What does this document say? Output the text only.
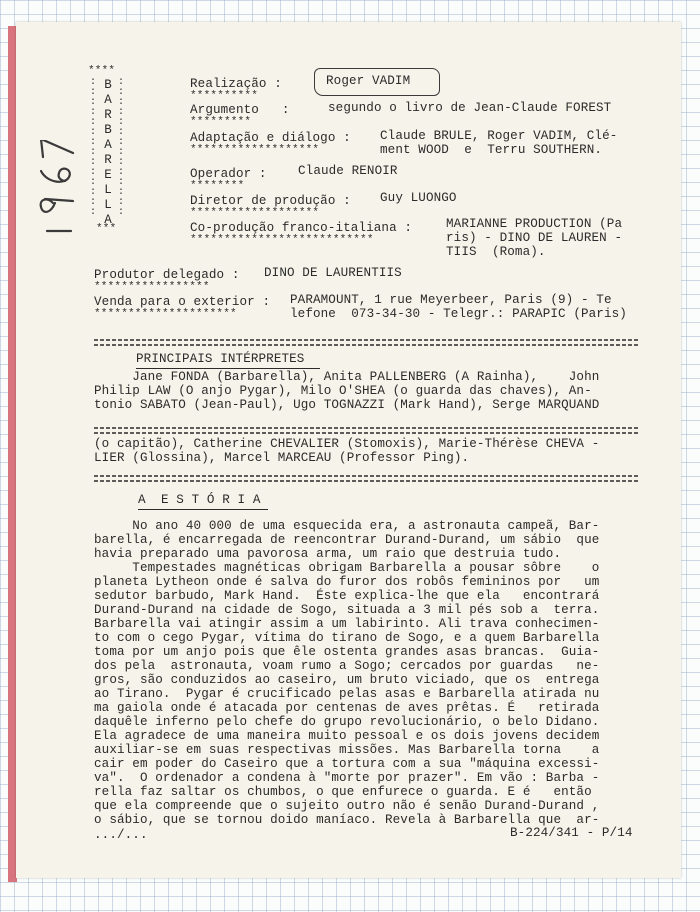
****
:
:
:
:
:
:
:
:
:
:
:
:
:
:

:
:
:
:
:
:
:
:
:
:
:
:
:
:

***
B
A
R
B
A
R
E
L
L
A
Realização :
**********
Roger VADIM
Argumento   :
*********
segundo o livro de Jean-Claude FOREST
Adaptação e diálogo :
*******************
Claude BRULE, Roger VADIM, Clé-
ment WOOD  e  Terru SOUTHERN.
Operador :
********
Claude RENOIR
Diretor de produção :
*******************
Guy LUONGO
Co-produção franco-italiana :
***************************
MARIANNE PRODUCTION (Pa
ris) - DINO DE LAUREN -
TIIS  (Roma).
Produtor delegado :
*****************
DINO DE LAURENTIIS
Venda para o exterior :
*********************
PARAMOUNT, 1 rue Meyerbeer, Paris (9) - Te
lefone  073-34-30 - Telegr.: PARAPIC (Paris)
PRINCIPAIS INTÉRPRETES
Jane FONDA (Barbarella), Anita PALLENBERG (A Rainha),    John
Philip LAW (O anjo Pygar), Milo O'SHEA (o guarda das chaves), An-
tonio SABATO (Jean-Paul), Ugo TOGNAZZI (Mark Hand), Serge MARQUAND
(o capitão), Catherine CHEVALIER (Stomoxis), Marie-Thérèse CHEVA -
LIER (Glossina), Marcel MARCEAU (Professor Ping).
A  E S T Ó R I A
No ano 40 000 de uma esquecida era, a astronauta campeã, Bar-
barella, é encarregada de reencontrar Durand-Durand, um sábio  que
havia preparado uma pavorosa arma, um raio que destruia tudo.
Tempestades magnéticas obrigam Barbarella a pousar sôbre    o
planeta Lytheon onde é salva do furor dos robôs femininos por   um
sedutor barbudo, Mark Hand.  Éste explica-lhe que ela   encontrará
Durand-Durand na cidade de Sogo, situada a 3 mil pés sob a  terra.
Barbarella vai atingir assim a um labirinto. Ali trava conhecimen-
to com o cego Pygar, vítima do tirano de Sogo, e a quem Barbarella
toma por um anjo pois que êle ostenta grandes asas brancas.  Guia-
dos pela  astronauta, voam rumo a Sogo; cercados por guardas   ne-
gros, são conduzidos ao caseiro, um bruto viciado, que os  entrega
ao Tirano.  Pygar é crucificado pelas asas e Barbarella atirada nu
ma gaiola onde é atacada por centenas de aves prêtas. É   retirada
daquêle inferno pelo chefe do grupo revolucionário, o belo Didano.
Ela agradece de uma maneira muito pessoal e os dois jovens decidem
auxiliar-se em suas respectivas missões. Mas Barbarella torna    a
cair em poder do Caseiro que a tortura com a sua "máquina excessi-
va".  O ordenador a condena à "morte por prazer". Em vão : Barba -
rella faz saltar os chumbos, o que enfurece o guarda. E é   então
que ela compreende que o sujeito outro não é senão Durand-Durand ,
o sábio, que se tornou doido maníaco. Revela à Barbarella que  ar-
.../...	B-224/341 - P/14
